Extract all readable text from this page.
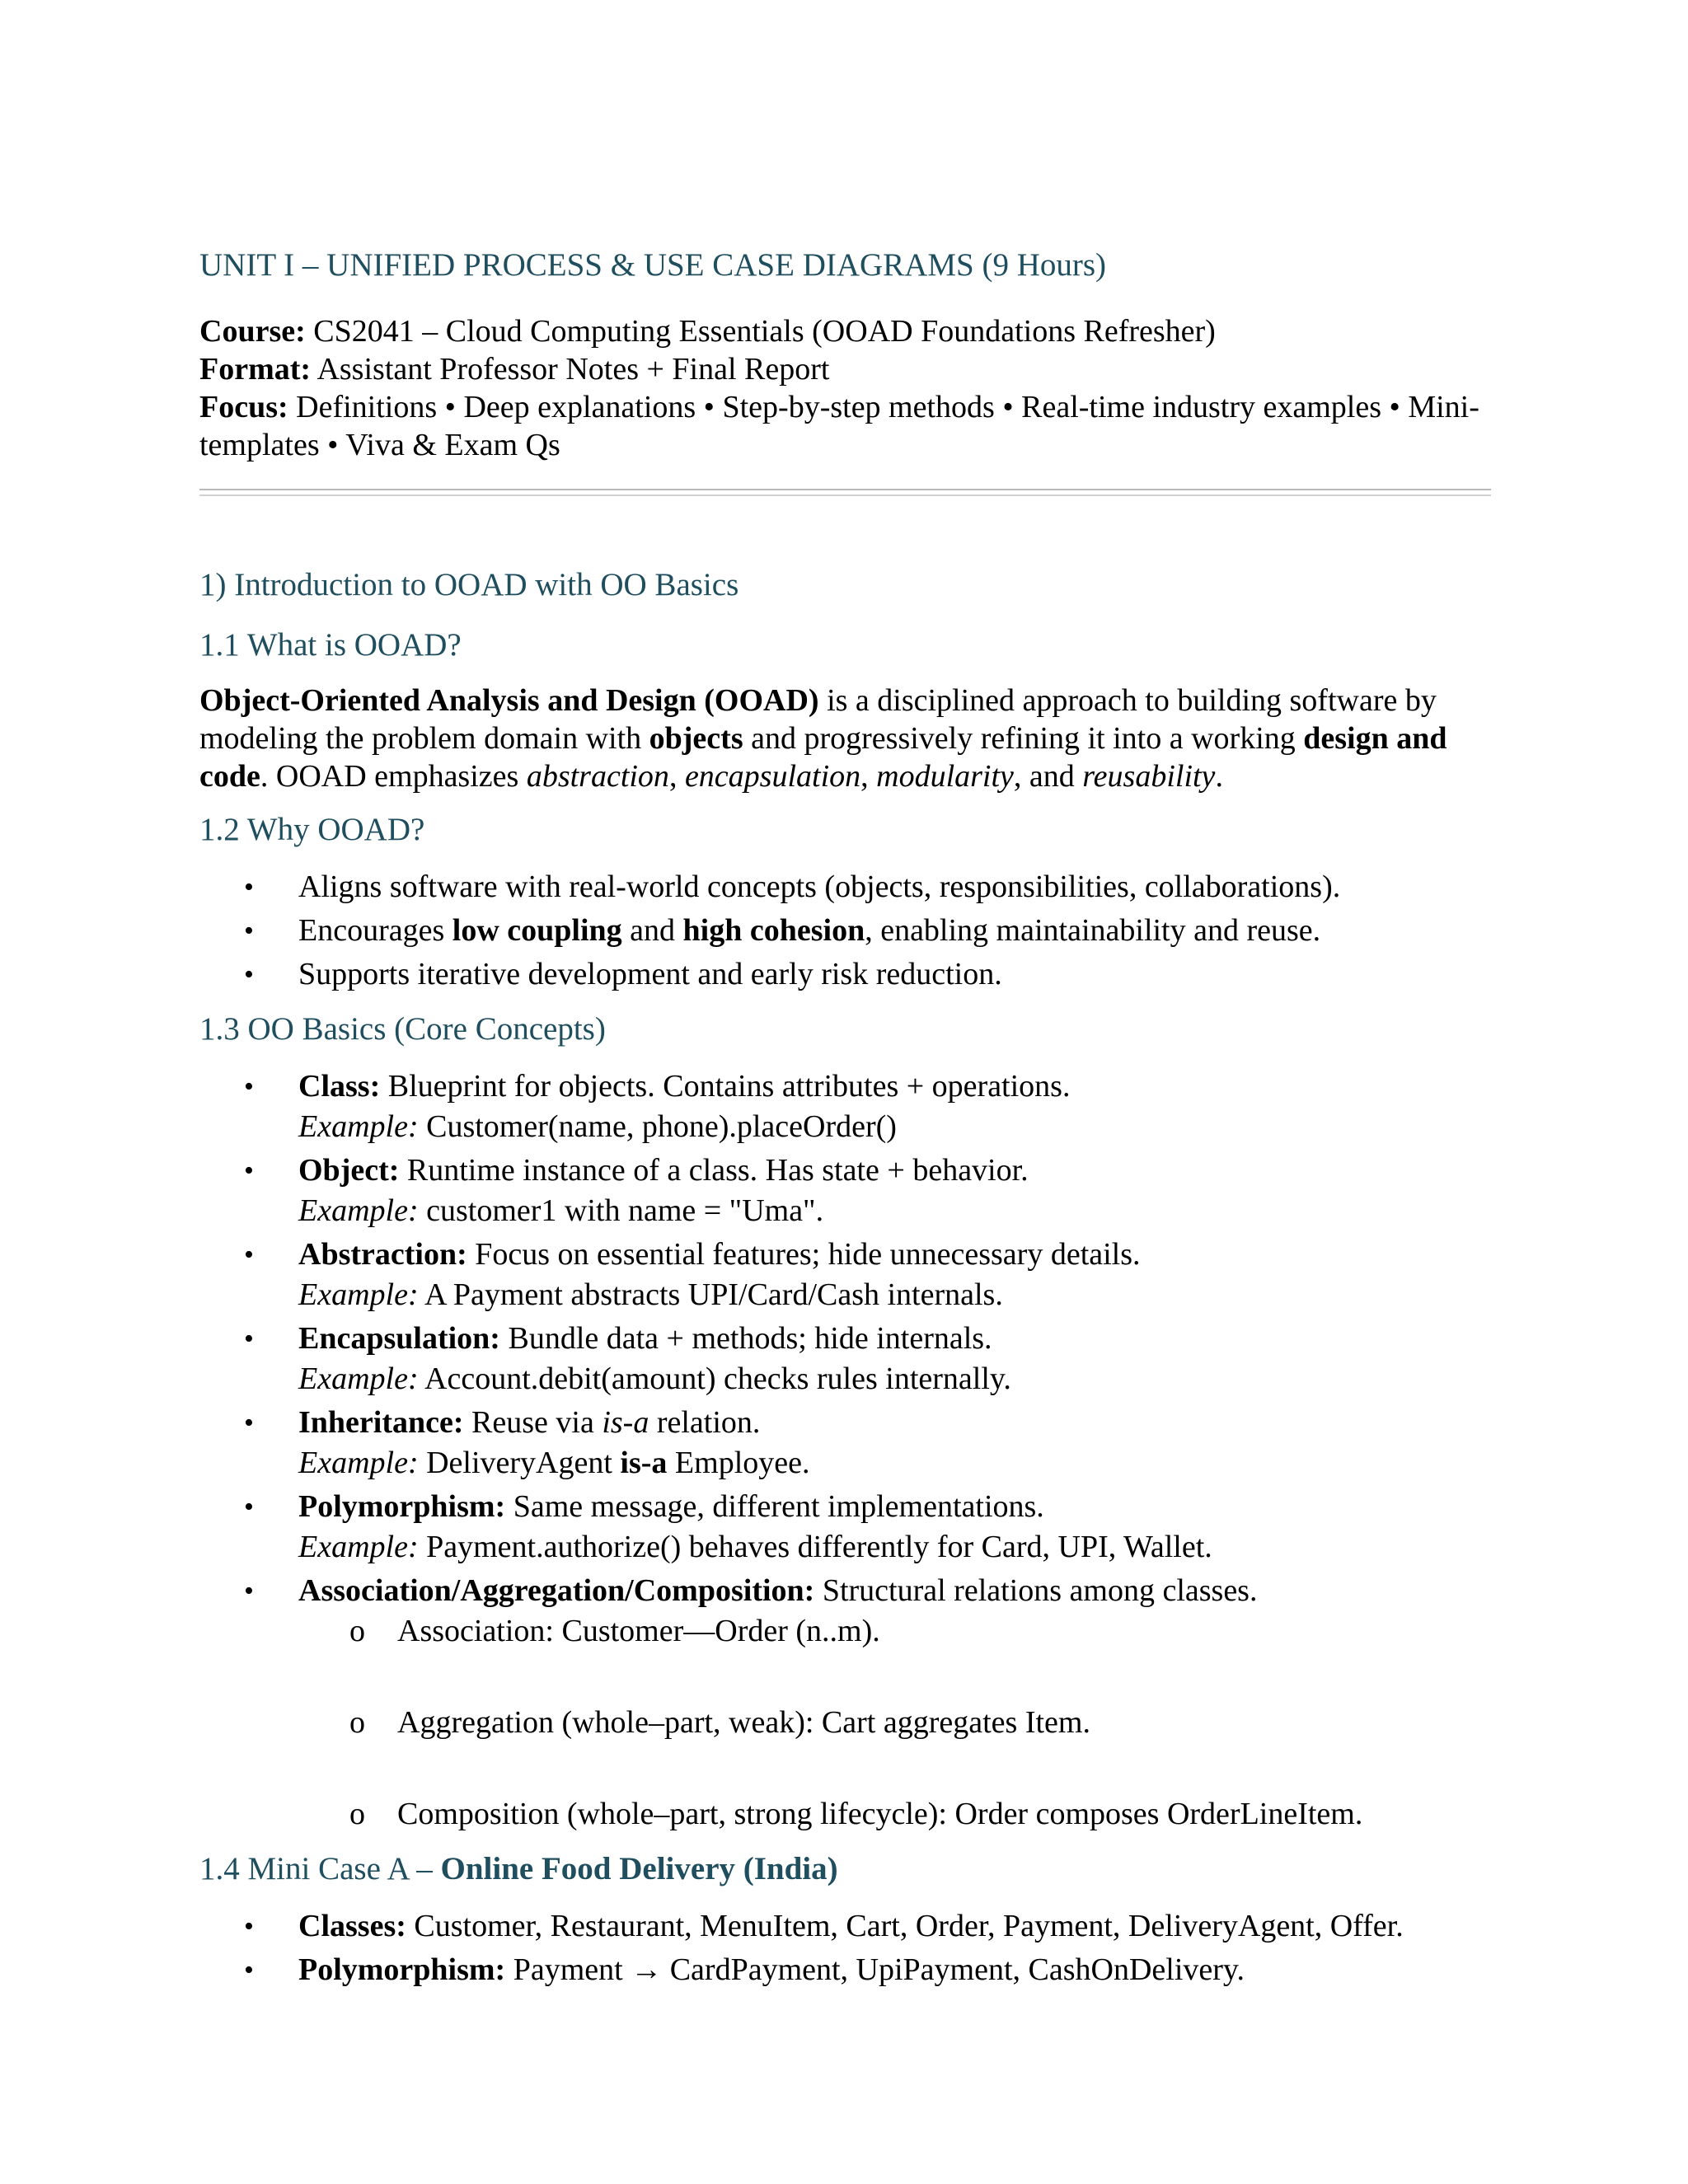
UNIT I – UNIFIED PROCESS & USE CASE DIAGRAMS (9 Hours)

Course: CS2041 – Cloud Computing Essentials (OOAD Foundations Refresher)

Format: Assistant Professor Notes + Final Report

Focus: Definitions • Deep explanations • Step-by-step methods • Real-time industry examples • Mini-templates • Viva & Exam Qs

1) Introduction to OOAD with OO Basics
1.1 What is OOAD?

Object-Oriented Analysis and Design (OOAD) is a disciplined approach to building software by modeling the problem domain with objects and progressively refining it into a working design and code. OOAD emphasizes abstraction, encapsulation, modularity, and reusability.

1.2 Why OOAD?
• Aligns software with real-world concepts (objects, responsibilities, collaborations).
• Encourages low coupling and high cohesion, enabling maintainability and reuse.
• Supports iterative development and early risk reduction.
1.3 OO Basics (Core Concepts)
• Class: Blueprint for objects. Contains attributes + operations.
Example: Customer(name, phone).placeOrder()
• Object: Runtime instance of a class. Has state + behavior.
Example: customer1 with name = "Uma".
• Abstraction: Focus on essential features; hide unnecessary details.
Example: A Payment abstracts UPI/Card/Cash internals.
• Encapsulation: Bundle data + methods; hide internals.
Example: Account.debit(amount) checks rules internally.
• Inheritance: Reuse via is-a relation.
Example: DeliveryAgent is-a Employee.
• Polymorphism: Same message, different implementations.
Example: Payment.authorize() behaves differently for Card, UPI, Wallet.
• Association/Aggregation/Composition: Structural relations among classes.
o Association: Customer—Order (n..m).
o Aggregation (whole–part, weak): Cart aggregates Item.
o Composition (whole–part, strong lifecycle): Order composes OrderLineItem.
1.4 Mini Case A – Online Food Delivery (India)
• Classes: Customer, Restaurant, MenuItem, Cart, Order, Payment, DeliveryAgent, Offer.
• Polymorphism: Payment → CardPayment, UpiPayment, CashOnDelivery.
